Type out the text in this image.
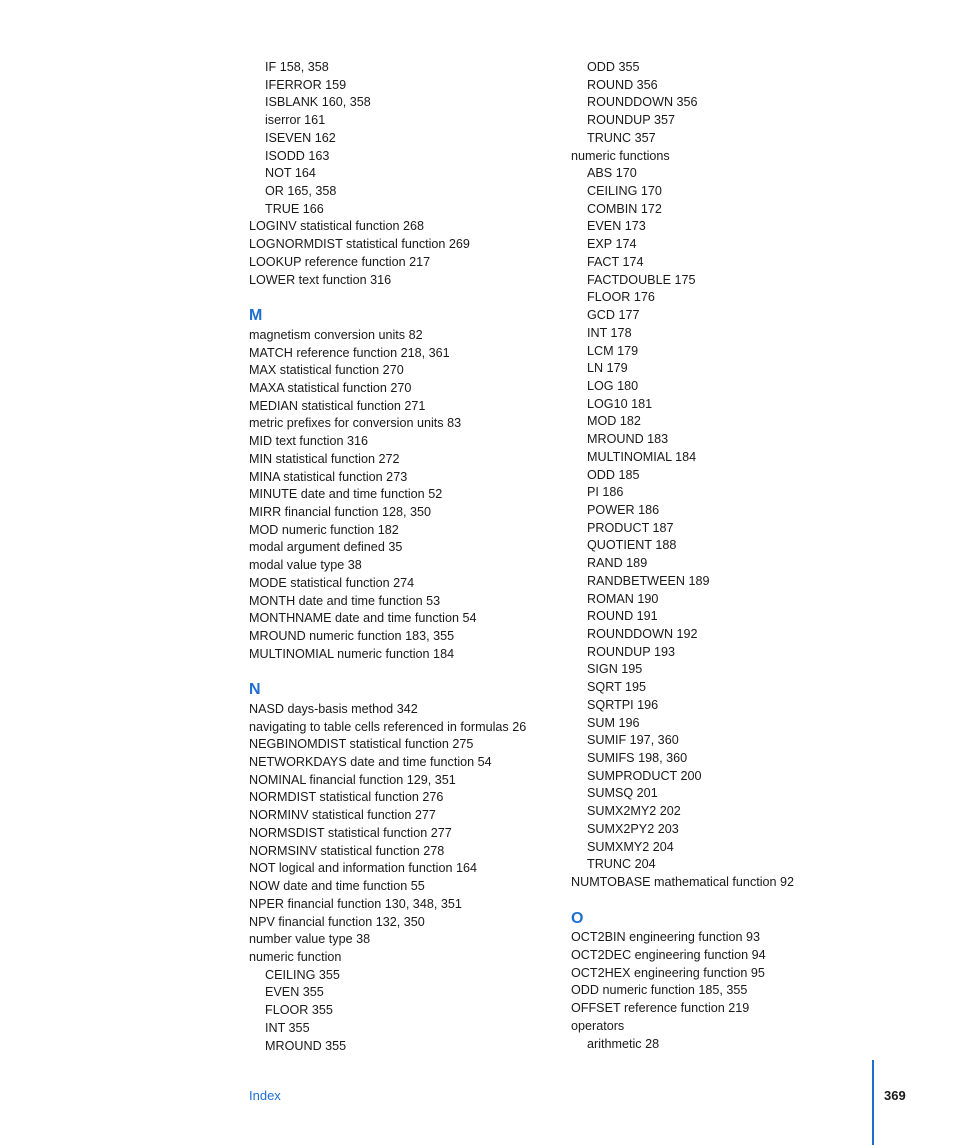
IF 158, 358
IFERROR 159
ISBLANK 160, 358
iserror 161
ISEVEN 162
ISODD 163
NOT 164
OR 165, 358
TRUE 166
LOGINV statistical function 268
LOGNORMDIST statistical function 269
LOOKUP reference function 217
LOWER text function 316
M
magnetism conversion units 82
MATCH reference function 218, 361
MAX statistical function 270
MAXA statistical function 270
MEDIAN statistical function 271
metric prefixes for conversion units 83
MID text function 316
MIN statistical function 272
MINA statistical function 273
MINUTE date and time function 52
MIRR financial function 128, 350
MOD numeric function 182
modal argument defined 35
modal value type 38
MODE statistical function 274
MONTH date and time function 53
MONTHNAME date and time function 54
MROUND numeric function 183, 355
MULTINOMIAL numeric function 184
N
NASD days-basis method 342
navigating to table cells referenced in formulas 26
NEGBINOMDIST statistical function 275
NETWORKDAYS date and time function 54
NOMINAL financial function 129, 351
NORMDIST statistical function 276
NORMINV statistical function 277
NORMSDIST statistical function 277
NORMSINV statistical function 278
NOT logical and information function 164
NOW date and time function 55
NPER financial function 130, 348, 351
NPV financial function 132, 350
number value type 38
numeric function
CEILING 355
EVEN 355
FLOOR 355
INT 355
MROUND 355
ODD 355
ROUND 356
ROUNDDOWN 356
ROUNDUP 357
TRUNC 357
numeric functions
ABS 170
CEILING 170
COMBIN 172
EVEN 173
EXP 174
FACT 174
FACTDOUBLE 175
FLOOR 176
GCD 177
INT 178
LCM 179
LN 179
LOG 180
LOG10 181
MOD 182
MROUND 183
MULTINOMIAL 184
ODD 185
PI 186
POWER 186
PRODUCT 187
QUOTIENT 188
RAND 189
RANDBETWEEN 189
ROMAN 190
ROUND 191
ROUNDDOWN 192
ROUNDUP 193
SIGN 195
SQRT 195
SQRTPI 196
SUM 196
SUMIF 197, 360
SUMIFS 198, 360
SUMPRODUCT 200
SUMSQ 201
SUMX2MY2 202
SUMX2PY2 203
SUMXMY2 204
TRUNC 204
NUMTOBASE mathematical function 92
O
OCT2BIN engineering function 93
OCT2DEC engineering function 94
OCT2HEX engineering function 95
ODD numeric function 185, 355
OFFSET reference function 219
operators
arithmetic 28
Index	369
